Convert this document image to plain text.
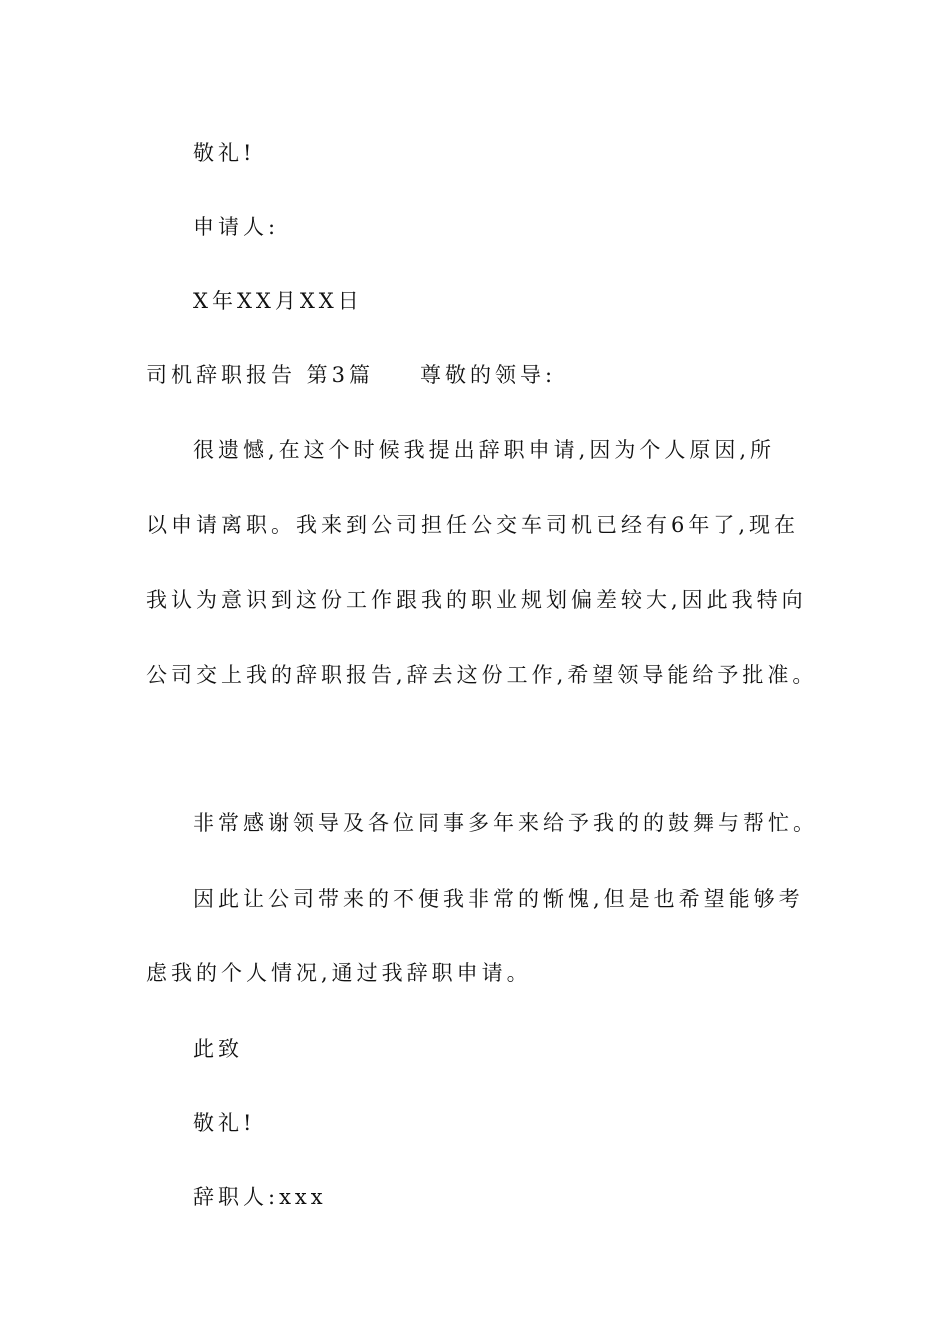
敬礼!
申请人:
X年XX月XX日
司机辞职报告 第3篇 尊敬的领导:
很遗憾,在这个时候我提出辞职申请,因为个人原因,所
以申请离职。我来到公司担任公交车司机已经有6年了,现在
我认为意识到这份工作跟我的职业规划偏差较大,因此我特向
公司交上我的辞职报告,辞去这份工作,希望领导能给予批准。
非常感谢领导及各位同事多年来给予我的的鼓舞与帮忙。
因此让公司带来的不便我非常的惭愧,但是也希望能够考
虑我的个人情况,通过我辞职申请。
此致
敬礼!
辞职人:xxx
